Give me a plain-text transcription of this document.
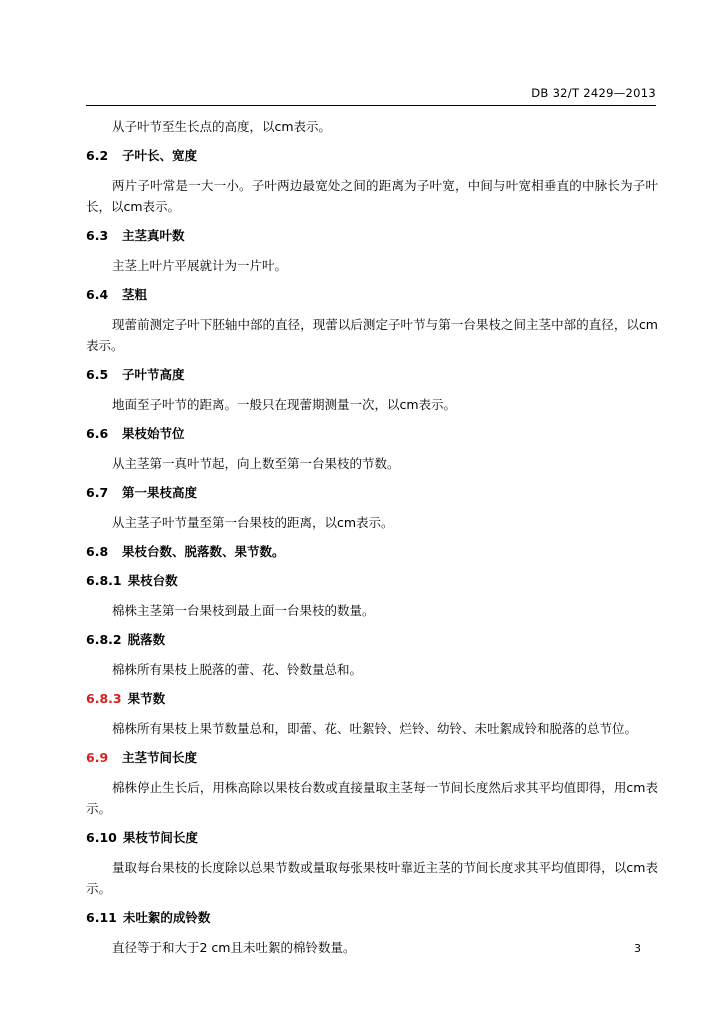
DB 32/T 2429—2013

从子叶节至生长点的高度，以cm表示。

6.2 子叶长、宽度

两片子叶常是一大一小。子叶两边最宽处之间的距离为子叶宽，中间与叶宽相垂直的中脉长为子叶长，以cm表示。

6.3 主茎真叶数

主茎上叶片平展就计为一片叶。

6.4 茎粗

现蕾前测定子叶下胚轴中部的直径，现蕾以后测定子叶节与第一台果枝之间主茎中部的直径，以cm表示。

6.5 子叶节高度

地面至子叶节的距离。一般只在现蕾期测量一次，以cm表示。

6.6 果枝始节位

从主茎第一真叶节起，向上数至第一台果枝的节数。

6.7 第一果枝高度

从主茎子叶节量至第一台果枝的距离，以cm表示。

6.8 果枝台数、脱落数、果节数。
6.8.1 果枝台数

棉株主茎第一台果枝到最上面一台果枝的数量。

6.8.2 脱落数

棉株所有果枝上脱落的蕾、花、铃数量总和。

6.8.3 果节数

棉株所有果枝上果节数量总和，即蕾、花、吐絮铃、烂铃、幼铃、未吐絮成铃和脱落的总节位。

6.9 主茎节间长度

棉株停止生长后，用株高除以果枝台数或直接量取主茎每一节间长度然后求其平均值即得，用cm表示。

6.10 果枝节间长度

量取每台果枝的长度除以总果节数或量取每张果枝叶靠近主茎的节间长度求其平均值即得，以cm表示。

6.11 未吐絮的成铃数

直径等于和大于2 cm且未吐絮的棉铃数量。	3
